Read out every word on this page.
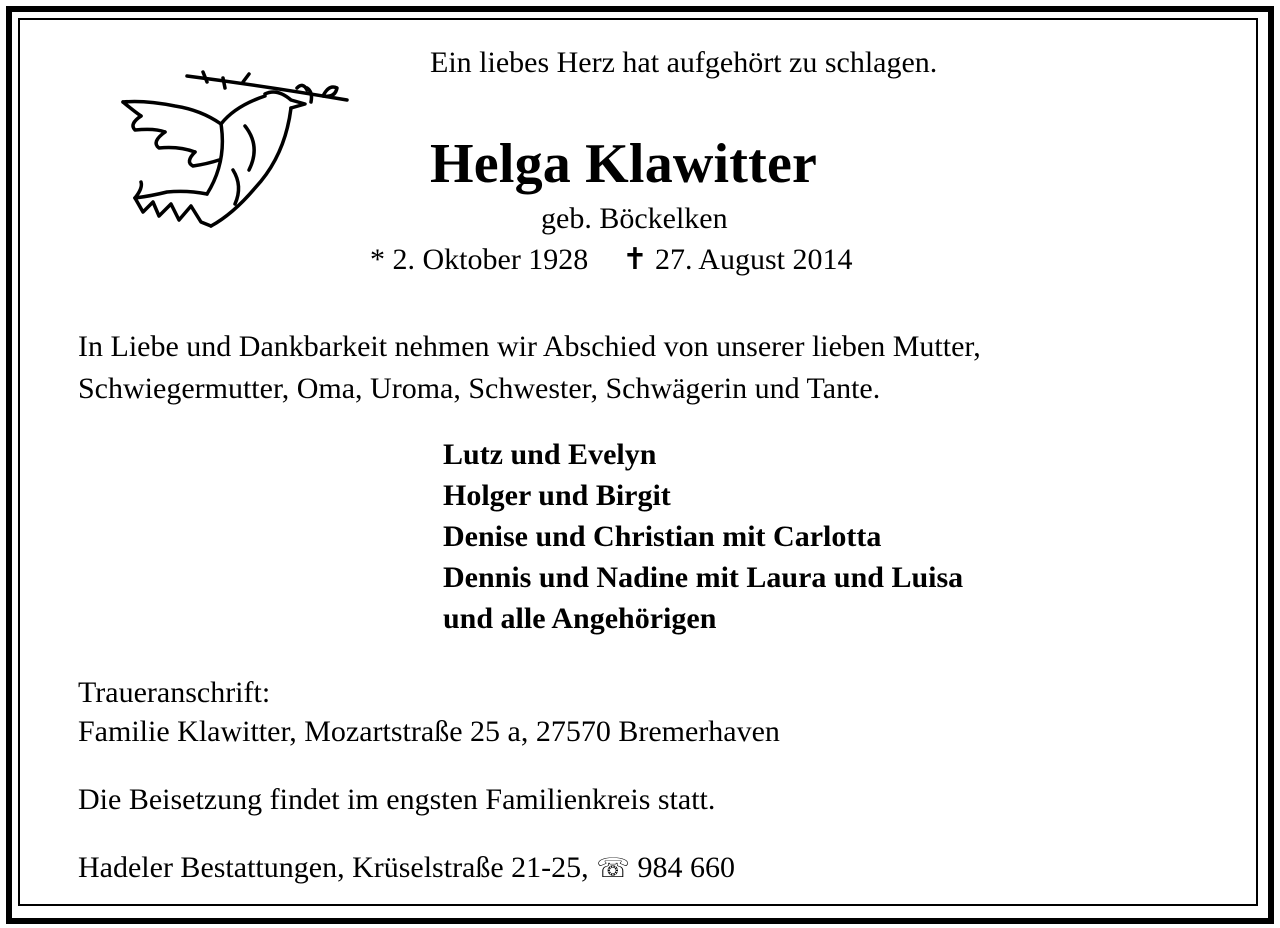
Ein liebes Herz hat aufgehört zu schlagen.
Helga Klawitter
geb. Böckelken
* 2. Oktober 1928 ✝ 27. August 2014
In Liebe und Dankbarkeit nehmen wir Abschied von unserer lieben Mutter,
Schwiegermutter, Oma, Uroma, Schwester, Schwägerin und Tante.
Lutz und Evelyn
Holger und Birgit
Denise und Christian mit Carlotta
Dennis und Nadine mit Laura und Luisa
und alle Angehörigen
Traueranschrift:
Familie Klawitter, Mozartstraße 25 a, 27570 Bremerhaven
Die Beisetzung findet im engsten Familienkreis statt.
Hadeler Bestattungen, Krüselstraße 21-25, ☏ 984 660
